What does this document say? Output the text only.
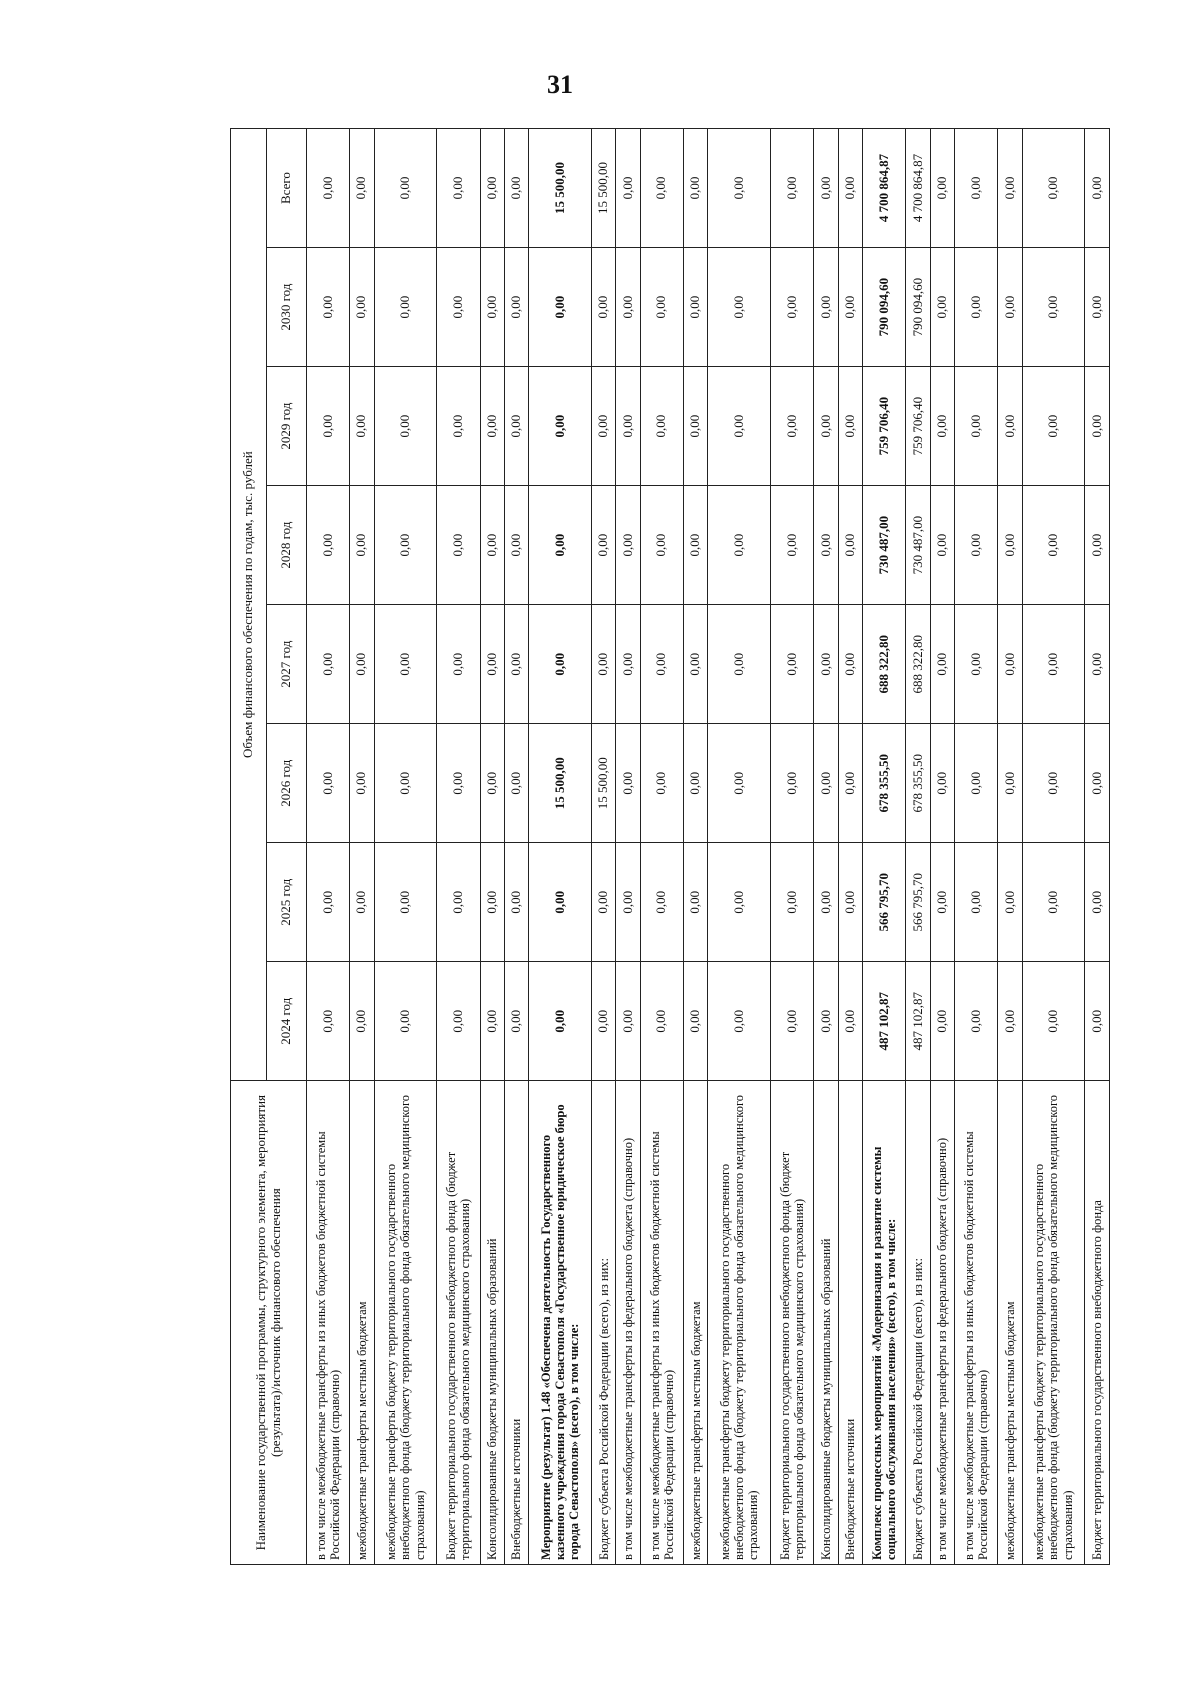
31
Наименование государственной программы, структурного элемента, мероприятия (результата)/источник финансового обеспечения	Объем финансового обеспечения по годам, тыс. рублей							
	2024 год	2025 год	2026 год	2027 год	2028 год	2029 год	2030 год	Всего
в том числе межбюджетные трансферты из иных бюджетов бюджетной системы Российской Федерации (справочно)	0,00	0,00	0,00	0,00	0,00	0,00	0,00	0,00
межбюджетные трансферты местным бюджетам	0,00	0,00	0,00	0,00	0,00	0,00	0,00	0,00
межбюджетные трансферты бюджету территориального государственного внебюджетного фонда (бюджету территориального фонда обязательного медицинского страхования)	0,00	0,00	0,00	0,00	0,00	0,00	0,00	0,00
Бюджет территориального государственного внебюджетного фонда (бюджет территориального фонда обязательного медицинского страхования)	0,00	0,00	0,00	0,00	0,00	0,00	0,00	0,00
Консолидированные бюджеты муниципальных образований	0,00	0,00	0,00	0,00	0,00	0,00	0,00	0,00
Внебюджетные источники	0,00	0,00	0,00	0,00	0,00	0,00	0,00	0,00
Мероприятие (результат) 1.48 «Обеспечена деятельность Государственного казенного учреждения города Севастополя «Государственное юридическое бюро города Севастополя» (всего), в том числе:	0,00	0,00	15 500,00	0,00	0,00	0,00	0,00	15 500,00
Бюджет субъекта Российской Федерации (всего), из них:	0,00	0,00	15 500,00	0,00	0,00	0,00	0,00	15 500,00
в том числе межбюджетные трансферты из федерального бюджета (справочно)	0,00	0,00	0,00	0,00	0,00	0,00	0,00	0,00
в том числе межбюджетные трансферты из иных бюджетов бюджетной системы Российской Федерации (справочно)	0,00	0,00	0,00	0,00	0,00	0,00	0,00	0,00
межбюджетные трансферты местным бюджетам	0,00	0,00	0,00	0,00	0,00	0,00	0,00	0,00
межбюджетные трансферты бюджету территориального государственного внебюджетного фонда (бюджету территориального фонда обязательного медицинского страхования)	0,00	0,00	0,00	0,00	0,00	0,00	0,00	0,00
Бюджет территориального государственного внебюджетного фонда (бюджет территориального фонда обязательного медицинского страхования)	0,00	0,00	0,00	0,00	0,00	0,00	0,00	0,00
Консолидированные бюджеты муниципальных образований	0,00	0,00	0,00	0,00	0,00	0,00	0,00	0,00
Внебюджетные источники	0,00	0,00	0,00	0,00	0,00	0,00	0,00	0,00
Комплекс процессных мероприятий «Модернизация и развитие системы социального обслуживания населения» (всего), в том числе:	487 102,87	566 795,70	678 355,50	688 322,80	730 487,00	759 706,40	790 094,60	4 700 864,87
Бюджет субъекта Российской Федерации (всего), из них:	487 102,87	566 795,70	678 355,50	688 322,80	730 487,00	759 706,40	790 094,60	4 700 864,87
в том числе межбюджетные трансферты из федерального бюджета (справочно)	0,00	0,00	0,00	0,00	0,00	0,00	0,00	0,00
в том числе межбюджетные трансферты из иных бюджетов бюджетной системы Российской Федерации (справочно)	0,00	0,00	0,00	0,00	0,00	0,00	0,00	0,00
межбюджетные трансферты местным бюджетам	0,00	0,00	0,00	0,00	0,00	0,00	0,00	0,00
межбюджетные трансферты бюджету территориального государственного внебюджетного фонда (бюджету территориального фонда обязательного медицинского страхования)	0,00	0,00	0,00	0,00	0,00	0,00	0,00	0,00
Бюджет территориального государственного внебюджетного фонда	0,00	0,00	0,00	0,00	0,00	0,00	0,00	0,00
